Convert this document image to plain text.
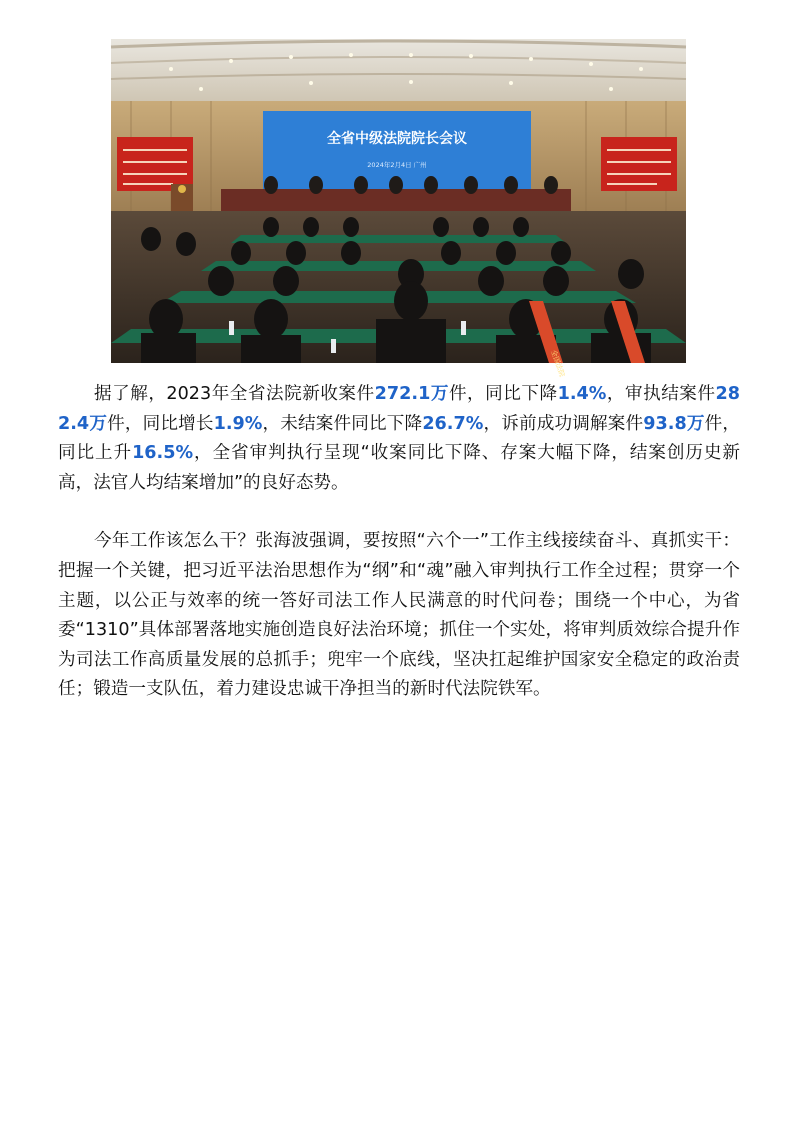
全省中级法院院长会议
2024年2月4日 广州
全国法院

据了解，2023年全省法院新收案件272.1万件，同比下降1.4%，审执结案件282.4万件，同比增长1.9%，未结案件同比下降26.7%，诉前成功调解案件93.8万件，同比上升16.5%，全省审判执行呈现“收案同比下降、存案大幅下降，结案创历史新高，法官人均结案增加”的良好态势。

今年工作该怎么干？张海波强调，要按照“六个一”工作主线接续奋斗、真抓实干：把握一个关键，把习近平法治思想作为“纲”和“魂”融入审判执行工作全过程；贯穿一个主题，以公正与效率的统一答好司法工作人民满意的时代问卷；围绕一个中心，为省委“1310”具体部署落地实施创造良好法治环境；抓住一个实处，将审判质效综合提升作为司法工作高质量发展的总抓手；兜牢一个底线，坚决扛起维护国家安全稳定的政治责任；锻造一支队伍，着力建设忠诚干净担当的新时代法院铁军。
